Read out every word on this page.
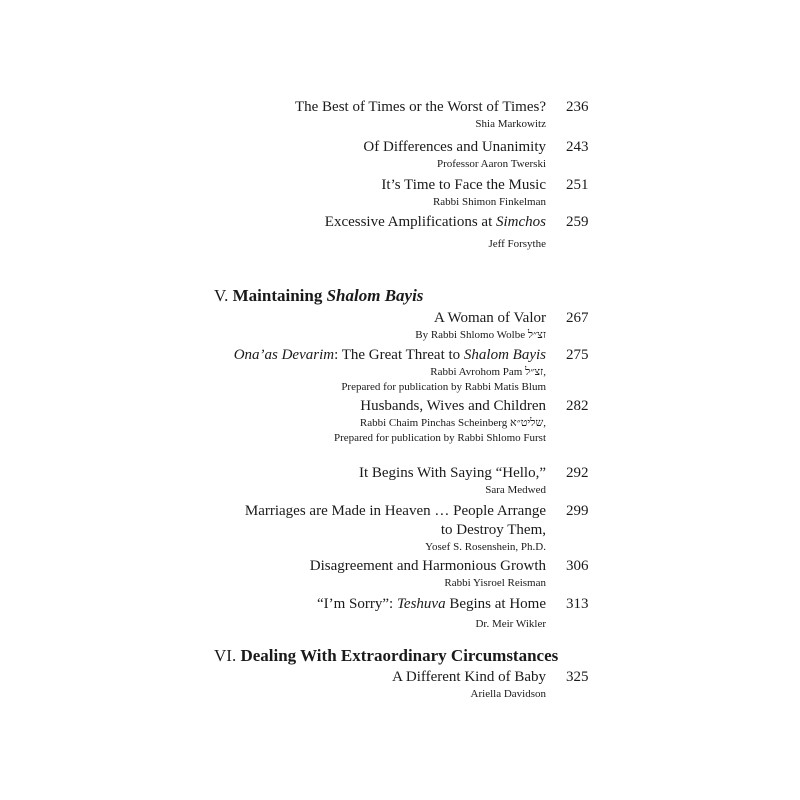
The Best of Times or the Worst of Times?
Shia Markowitz
236
Of Differences and Unanimity
Professor Aaron Twerski
243
It’s Time to Face the Music
Rabbi Shimon Finkelman
251
Excessive Amplifications at Simchos
Jeff Forsythe
259
V. Maintaining Shalom Bayis
A Woman of Valor
By Rabbi Shlomo Wolbe זצ״ל
267
Ona’as Devarim: The Great Threat to Shalom Bayis
Rabbi Avrohom Pam זצ״ל,
Prepared for publication by Rabbi Matis Blum
275
Husbands, Wives and Children
Rabbi Chaim Pinchas Scheinberg שליט״א,
Prepared for publication by Rabbi Shlomo Furst
282
It Begins With Saying “Hello,”
Sara Medwed
292
Marriages are Made in Heaven … People Arrange
to Destroy Them,
Yosef S. Rosenshein, Ph.D.
299
Disagreement and Harmonious Growth
Rabbi Yisroel Reisman
306
“I’m Sorry”: Teshuva Begins at Home
Dr. Meir Wikler
313
VI. Dealing With Extraordinary Circumstances
A Different Kind of Baby
Ariella Davidson
325
